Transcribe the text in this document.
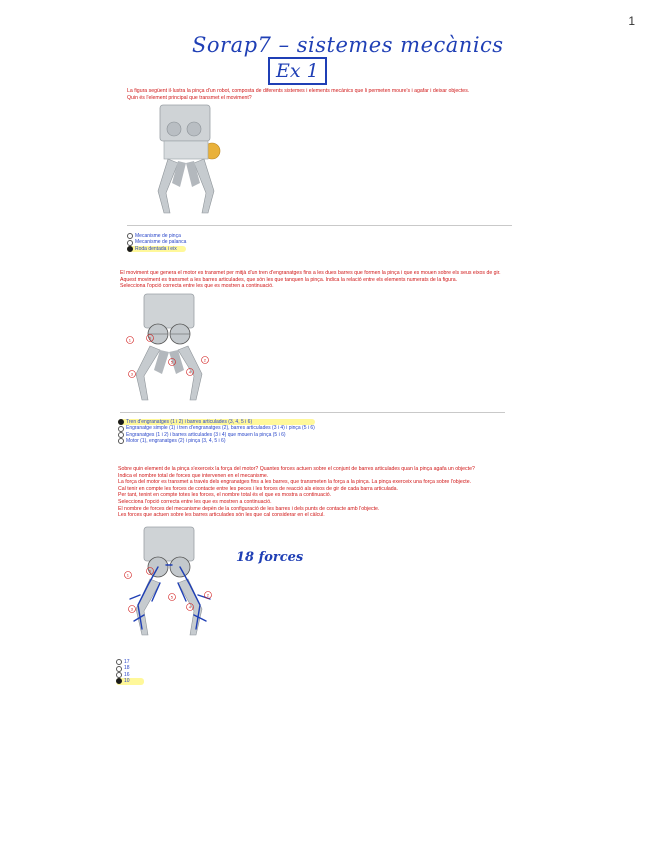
1
Sorap7 – sistemes mecànics
Ex 1
La figura següent il·lustra la pinça d'un robot, composta de diferents sistemes i elements mecànics que li permeten moure's i agafar i deixar objectes.
Quin és l'element principal que transmet el moviment?
Mecanisme de pinça
Mecanisme de palanca
Roda dentada i eix
El moviment que genera el motor es transmet per mitjà d'un tren d'engranatges fins a les dues barres que formen la pinça i que es mouen sobre els seus eixos de gir.
Aquest moviment es transmet a les barres articulades, que són les que tanquen la pinça. Indica la relació entre els elements numerats de la figura.
Selecciona l'opció correcta entre les que es mostren a continuació.
1
2
3	4
5
6
Tren d'engranatges (1 i 2) i barres articulades (3, 4, 5 i 6)
Engranatge simple (1) i tren d'engranatges (2), barres articulades (3 i 4) i pinça (5 i 6)
Engranatges (1 i 2) i barres articulades (3 i 4) que mouen la pinça (5 i 6)
Motor (1), engranatges (2) i pinça (3, 4, 5 i 6)
Sobre quin element de la pinça s'exerceix la força del motor? Quantes forces actuen sobre el conjunt de barres articulades quan la pinça agafa un objecte?
Indica el nombre total de forces que intervenen en el mecanisme.
La força del motor es transmet a través dels engranatges fins a les barres, que transmeten la força a la pinça. La pinça exerceix una força sobre l'objecte.
Cal tenir en compte les forces de contacte entre les peces i les forces de reacció als eixos de gir de cada barra articulada.
Per tant, tenint en compte totes les forces, el nombre total és el que es mostra a continuació.
Selecciona l'opció correcta entre les que es mostren a continuació.
El nombre de forces del mecanisme depèn de la configuració de les barres i dels punts de contacte amb l'objecte.
Les forces que actuen sobre les barres articulades són les que cal considerar en el càlcul.
1
2
3	4
5
6
18 forces
17
18
16
10
